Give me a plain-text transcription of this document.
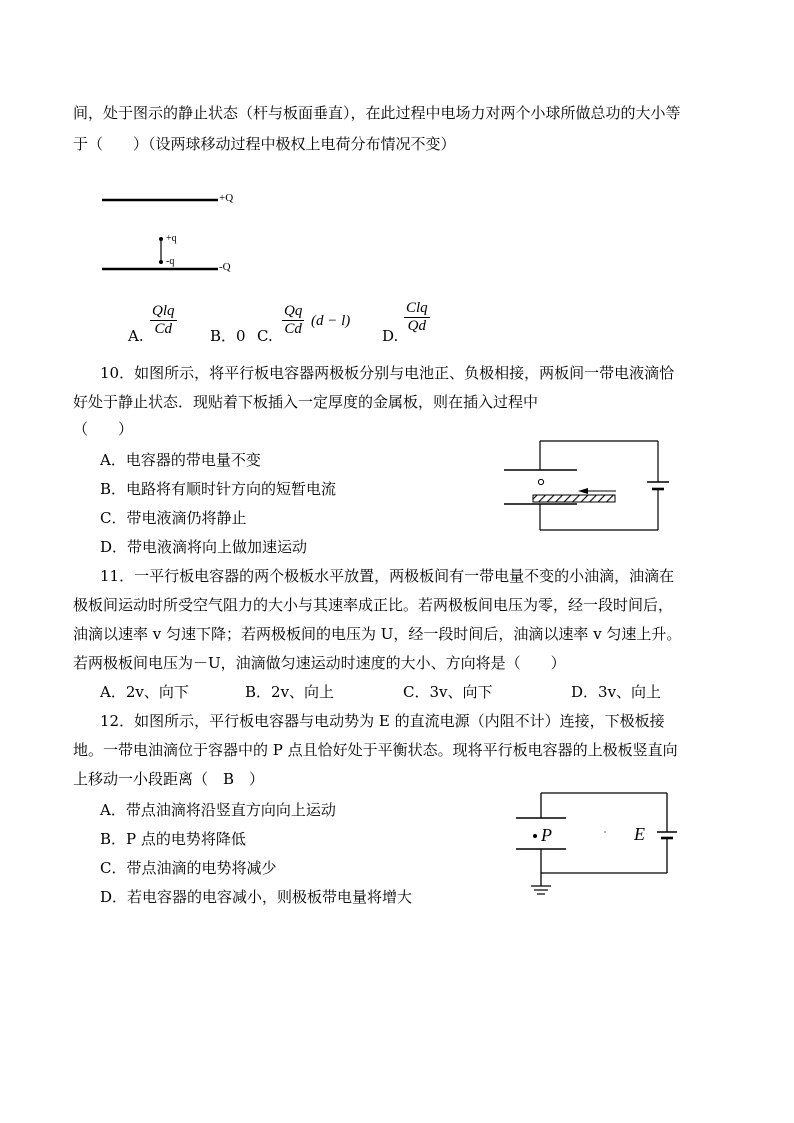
间，处于图示的静止状态（杆与板面垂直），在此过程中电场力对两个小球所做总功的大小等
于（　　）（设两球移动过程中极权上电荷分布情况不变）
+Q
-Q
+q
-q
A.
Qlq
Cd	B．0 C. $\frac{Qq}{Cd} (d - l)$
D.
Clq
Qd
10．如图所示，将平行板电容器两极板分别与电池正、负极相接，两板间一带电液滴恰
好处于静止状态．现贴着下板插入一定厚度的金属板，则在插入过程中
（　　）
A．电容器的带电量不变
B．电路将有顺时针方向的短暂电流
C．带电液滴仍将静止
D．带电液滴将向上做加速运动
11．一平行板电容器的两个极板水平放置，两极板间有一带电量不变的小油滴，油滴在
极板间运动时所受空气阻力的大小与其速率成正比。若两极板间电压为零，经一段时间后，
油滴以速率 v 匀速下降；若两极板间的电压为 U，经一段时间后，油滴以速率 v 匀速上升。
若两极板间电压为－U，油滴做匀速运动时速度的大小、方向将是（　　）
A．2v、向下	B．2v、向上	C．3v、向下	D．3v、向上
12．如图所示，平行板电容器与电动势为 E 的直流电源（内阻不计）连接，下极板接
地。一带电油滴位于容器中的 P 点且恰好处于平衡状态。现将平行板电容器的上极板竖直向
上移动一小段距离（　B　）
A．带点油滴将沿竖直方向向上运动
B．P 点的电势将降低
C．带点油滴的电势将减少
D．若电容器的电容减小，则极板带电量将增大
P	E
